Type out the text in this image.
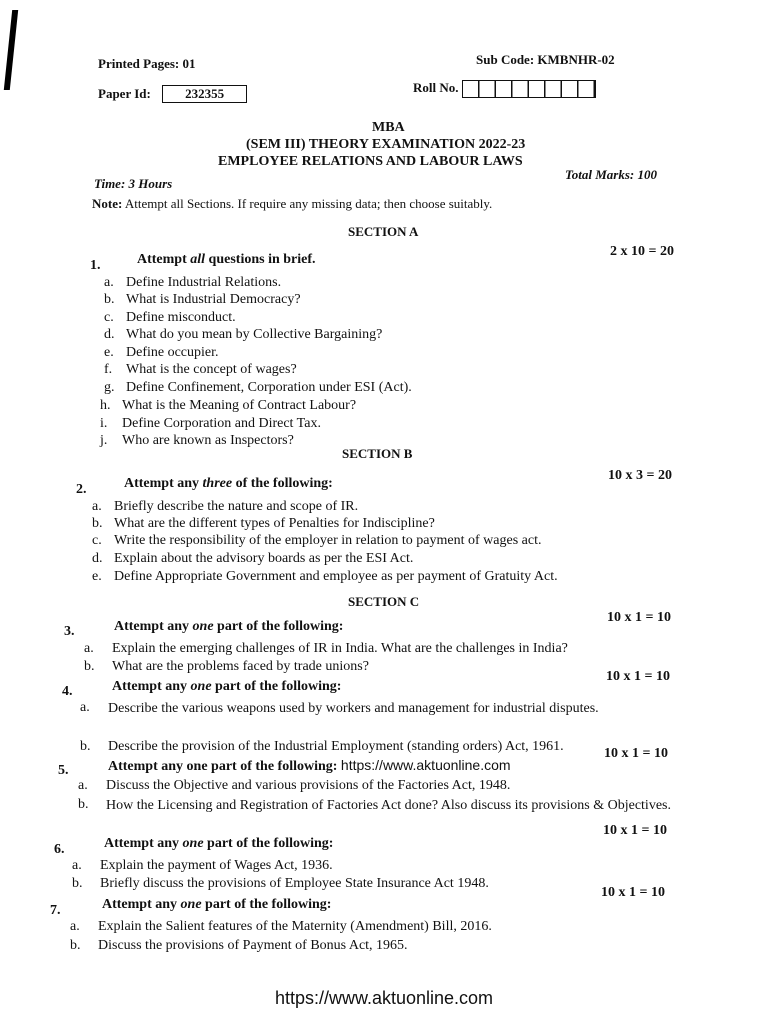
Printed Pages: 01	Sub Code: KMBNHR-02
Paper Id:	232355	Roll No.
MBA
(SEM III) THEORY EXAMINATION 2022-23
EMPLOYEE RELATIONS AND LABOUR LAWS
Time: 3 Hours
Total Marks: 100
Note: Attempt all Sections. If require any missing data; then choose suitably.
SECTION A
1.	Attempt all questions in brief.
2 x 10 = 20
a. Define Industrial Relations.
b. What is Industrial Democracy?
c. Define misconduct.
d. What do you mean by Collective Bargaining?
e. Define occupier.
f. What is the concept of wages?
g. Define Confinement, Corporation under ESI (Act).
h. What is the Meaning of Contract Labour?
i. Define Corporation and Direct Tax.
j. Who are known as Inspectors?
SECTION B
2.	Attempt any three of the following:
10 x 3 = 20
a. Briefly describe the nature and scope of IR.
b. What are the different types of Penalties for Indiscipline?
c. Write the responsibility of the employer in relation to payment of wages act.
d. Explain about the advisory boards as per the ESI Act.
e. Define Appropriate Government and employee as per payment of Gratuity Act.
SECTION C
3.	Attempt any one part of the following:
10 x 1 = 10
a. Explain the emerging challenges of IR in India. What are the challenges in India?
b. What are the problems faced by trade unions?
4.	Attempt any one part of the following:
10 x 1 = 10
a. Describe the various weapons used by workers and management for industrial disputes.
b. Describe the provision of the Industrial Employment (standing orders) Act, 1961.
5.	Attempt any one part of the following: https://www.aktuonline.com
10 x 1 = 10
a. Discuss the Objective and various provisions of the Factories Act, 1948.
b. How the Licensing and Registration of Factories Act done? Also discuss its provisions & Objectives.
6.	Attempt any one part of the following:
10 x 1 = 10
a. Explain the payment of Wages Act, 1936.
b. Briefly discuss the provisions of Employee State Insurance Act 1948.
7.	Attempt any one part of the following:
10 x 1 = 10
a. Explain the Salient features of the Maternity (Amendment) Bill, 2016.
b. Discuss the provisions of Payment of Bonus Act, 1965.
https://www.aktuonline.com
